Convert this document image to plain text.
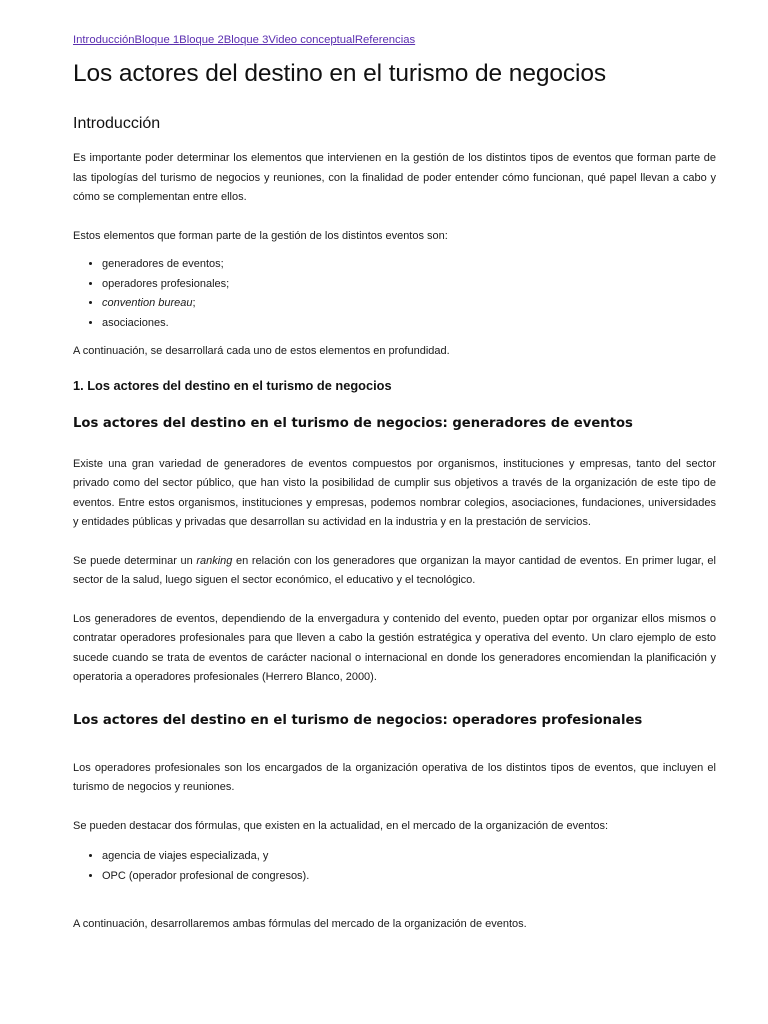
IntroducciónBloque 1Bloque 2Bloque 3Video conceptualReferencias
Los actores del destino en el turismo de negocios
Introducción

Es importante poder determinar los elementos que intervienen en la gestión de los distintos tipos de eventos que forman parte de las tipologías del turismo de negocios y reuniones, con la finalidad de poder entender cómo funcionan, qué papel llevan a cabo y cómo se complementan entre ellos.

Estos elementos que forman parte de la gestión de los distintos eventos son:

• generadores de eventos;
• operadores profesionales;
• convention bureau;
• asociaciones.

A continuación, se desarrollará cada uno de estos elementos en profundidad.

1. Los actores del destino en el turismo de negocios
Los actores del destino en el turismo de negocios: generadores de eventos

Existe una gran variedad de generadores de eventos compuestos por organismos, instituciones y empresas, tanto del sector privado como del sector público, que han visto la posibilidad de cumplir sus objetivos a través de la organización de este tipo de eventos. Entre estos organismos, instituciones y empresas, podemos nombrar colegios, asociaciones, fundaciones, universidades y entidades públicas y privadas que desarrollan su actividad en la industria y en la prestación de servicios.

Se puede determinar un ranking en relación con los generadores que organizan la mayor cantidad de eventos. En primer lugar, el sector de la salud, luego siguen el sector económico, el educativo y el tecnológico.

Los generadores de eventos, dependiendo de la envergadura y contenido del evento, pueden optar por organizar ellos mismos o contratar operadores profesionales para que lleven a cabo la gestión estratégica y operativa del evento. Un claro ejemplo de esto sucede cuando se trata de eventos de carácter nacional o internacional en donde los generadores encomiendan la planificación y operatoria a operadores profesionales (Herrero Blanco, 2000).

Los actores del destino en el turismo de negocios: operadores profesionales

Los operadores profesionales son los encargados de la organización operativa de los distintos tipos de eventos, que incluyen el turismo de negocios y reuniones.

Se pueden destacar dos fórmulas, que existen en la actualidad, en el mercado de la organización de eventos:

• agencia de viajes especializada, y
• OPC (operador profesional de congresos).

A continuación, desarrollaremos ambas fórmulas del mercado de la organización de eventos.
